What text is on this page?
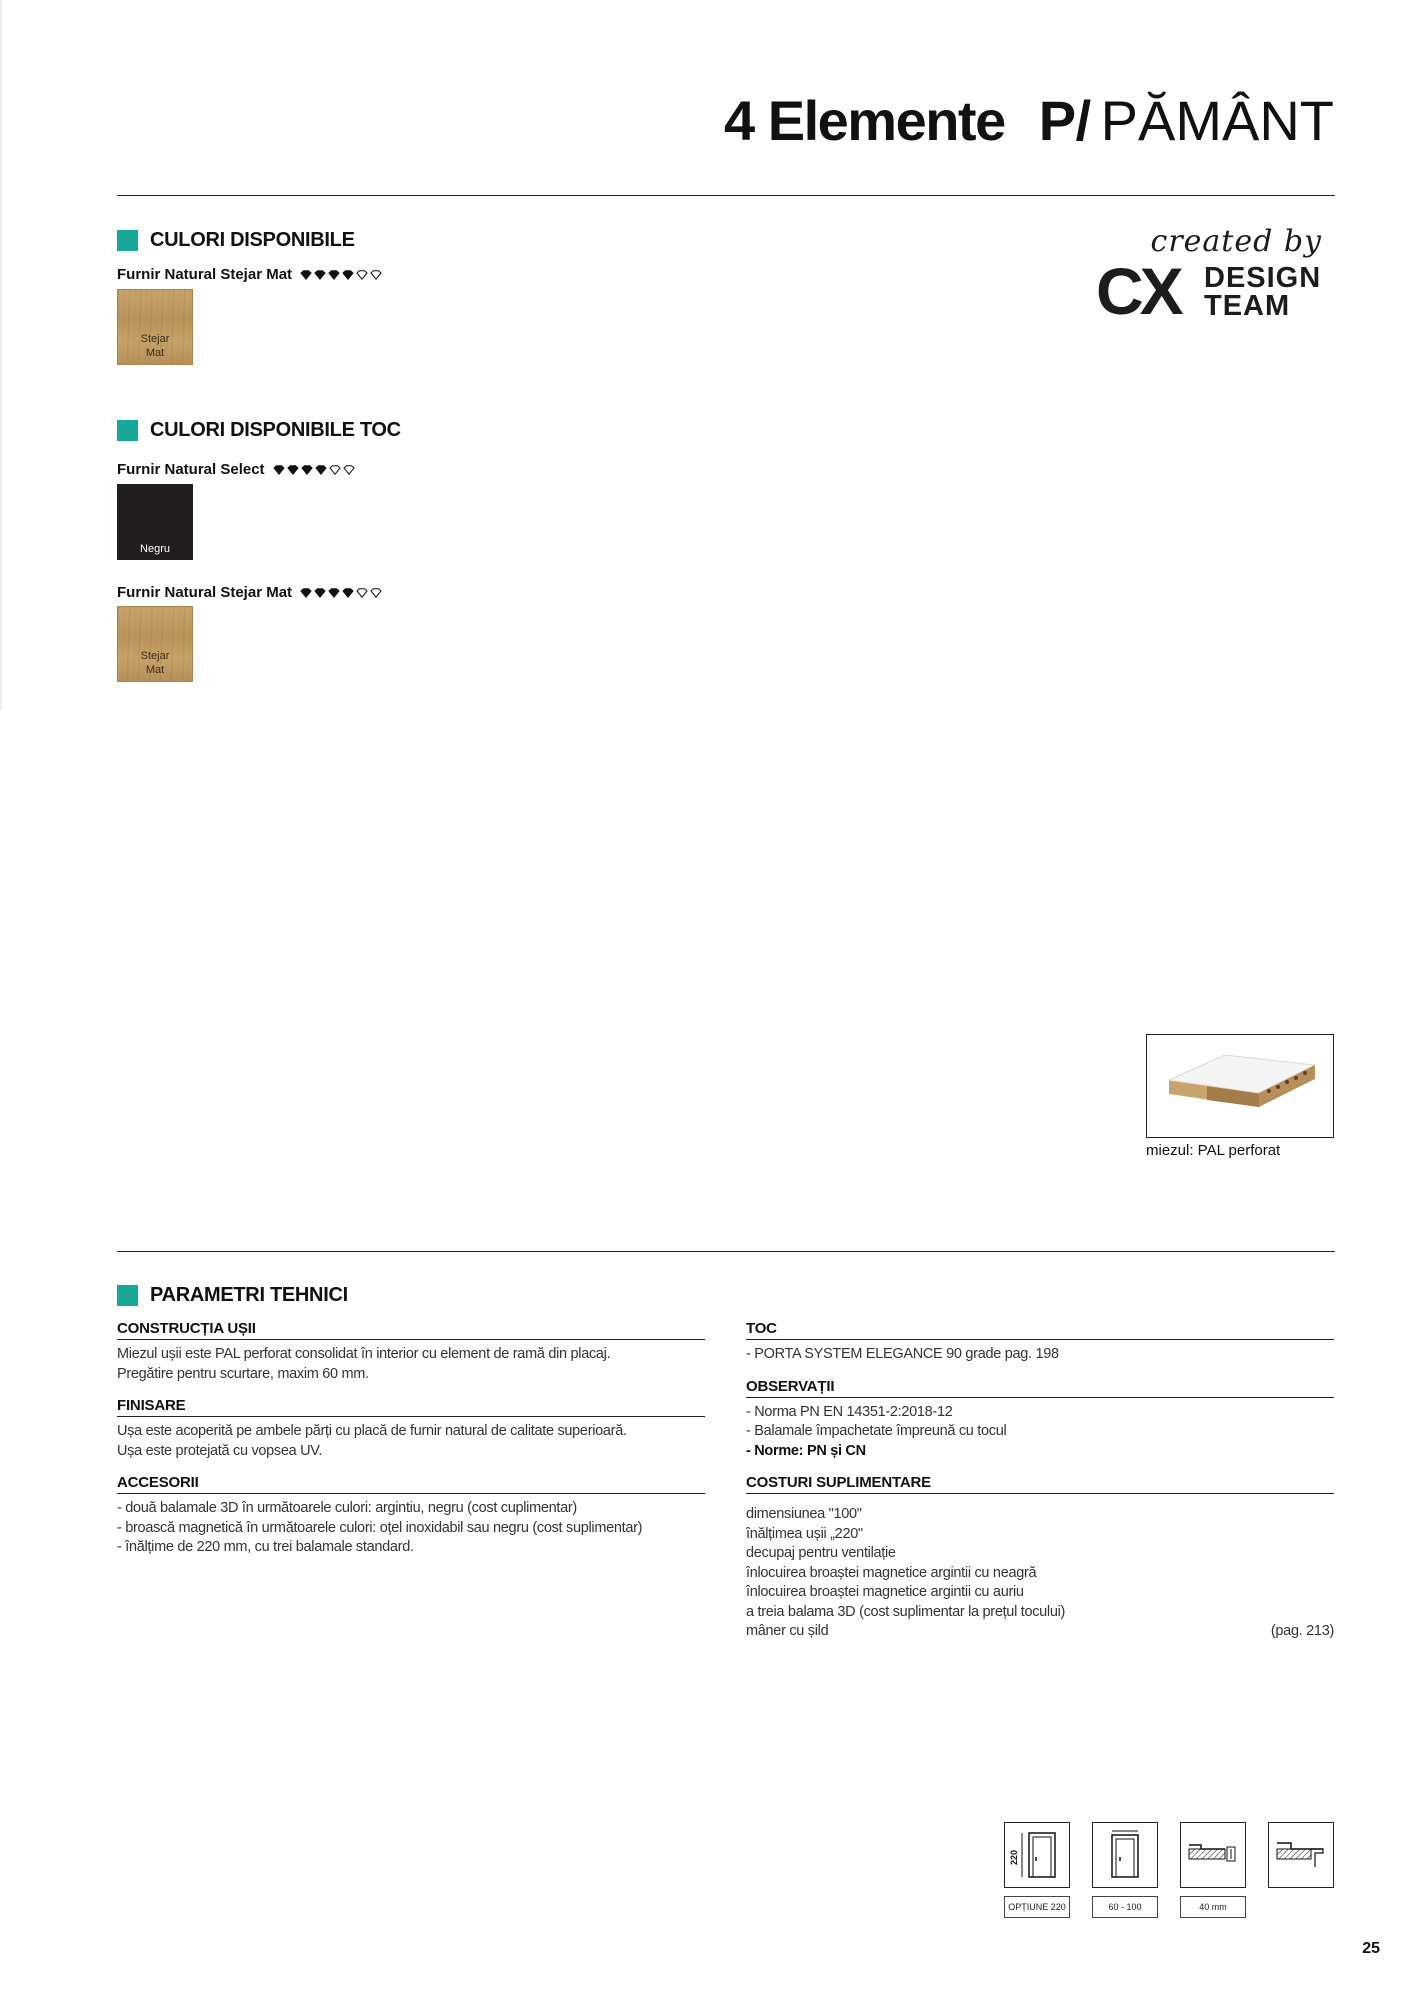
4 Elemente P/ PĂMÂNT
created by
CX DESIGN
TEAM
CULORI DISPONIBILE
Furnir Natural Stejar Mat
Stejar
Mat
CULORI DISPONIBILE TOC
Furnir Natural Select
Negru
Furnir Natural Stejar Mat
Stejar
Mat
miezul: PAL perforat
PARAMETRI TEHNICI
CONSTRUCȚIA UȘII
Miezul ușii este PAL perforat consolidat în interior cu element de ramă din placaj.
Pregătire pentru scurtare, maxim 60 mm.
FINISARE
Ușa este acoperită pe ambele părți cu placă de furnir natural de calitate superioară.
Ușa este protejată cu vopsea UV.
ACCESORII
- două balamale 3D în următoarele culori: argintiu, negru (cost cuplimentar)
- broască magnetică în următoarele culori: oțel inoxidabil sau negru (cost suplimentar)
- înălțime de 220 mm, cu trei balamale standard.
TOC
- PORTA SYSTEM ELEGANCE 90 grade pag. 198
OBSERVAȚII
- Norma PN EN 14351-2:2018-12
- Balamale împachetate împreună cu tocul
- Norme: PN și CN
COSTURI SUPLIMENTARE
dimensiunea "100"
înălțimea ușii „220"
decupaj pentru ventilație
înlocuirea broaștei magnetice argintii cu neagră
înlocuirea broaștei magnetice argintii cu auriu
a treia balama 3D (cost suplimentar la prețul tocului)
mâner cu șild	(pag. 213)
220
OPȚIUNE 220	60 - 100	40 mm
25
